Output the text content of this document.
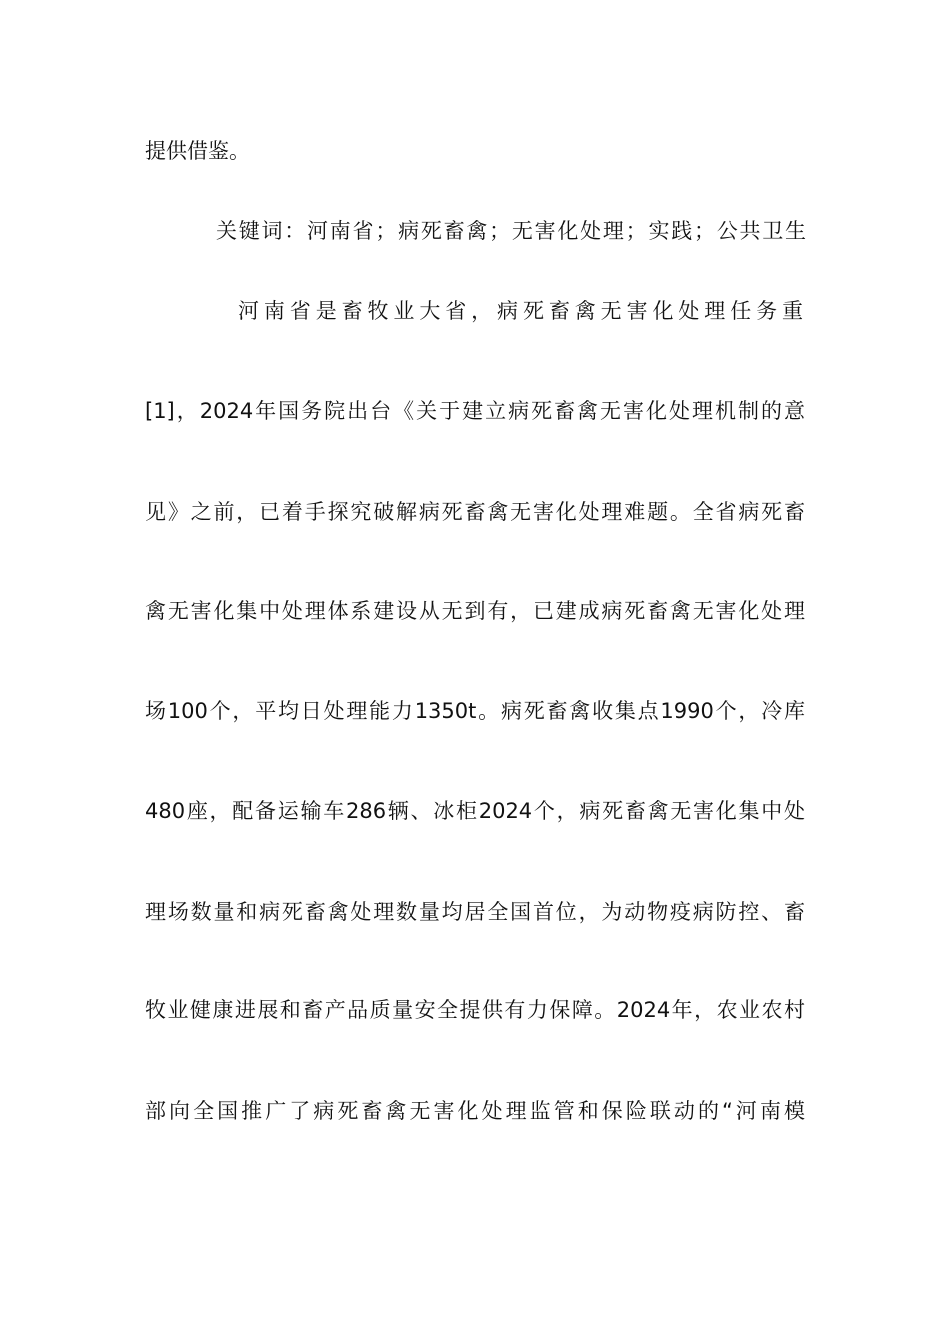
提供借鉴。
关键词：河南省；病死畜禽；无害化处理；实践；公共卫生
河南省是畜牧业大省，病死畜禽无害化处理任务重
[1]，2024年国务院出台《关于建立病死畜禽无害化处理机制的意
见》之前，已着手探究破解病死畜禽无害化处理难题。全省病死畜
禽无害化集中处理体系建设从无到有，已建成病死畜禽无害化处理
场100个，平均日处理能力1350t。病死畜禽收集点1990个，冷库
480座，配备运输车286辆、冰柜2024个，病死畜禽无害化集中处
理场数量和病死畜禽处理数量均居全国首位，为动物疫病防控、畜
牧业健康进展和畜产品质量安全提供有力保障。2024年，农业农村
部向全国推广了病死畜禽无害化处理监管和保险联动的“河南模
